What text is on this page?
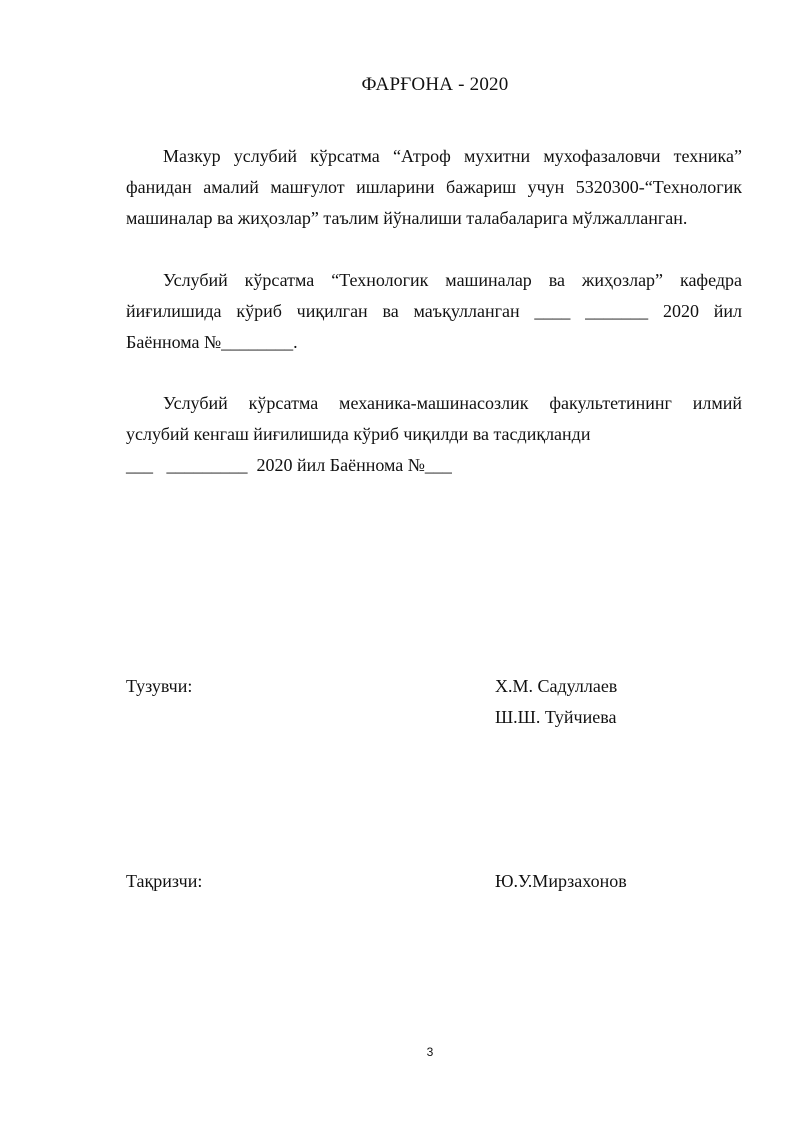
ФАРҒОНА - 2020
Мазкур услубий кўрсатма “Атроф мухитни мухофазаловчи техника”
фанидан амалий машғулот ишларини бажариш учун 5320300-“Технологик
машиналар ва жиҳозлар” таълим йўналиши талабаларига мўлжалланган.
Услубий кўрсатма “Технологик машиналар ва жиҳозлар” кафедра
йиғилишида кўриб чиқилган ва маъқулланган ____ _______ 2020 йил
Баённома №________.
Услубий кўрсатма механика-машинасозлик факультетининг илмий
услубий кенгаш йиғилишида кўриб чиқилди ва тасдиқланди
___   _________  2020 йил Баённома №___
Тузувчи:	Х.М. Садуллаев
Ш.Ш. Туйчиева
Тақризчи:	Ю.У.Мирзахонов
3
